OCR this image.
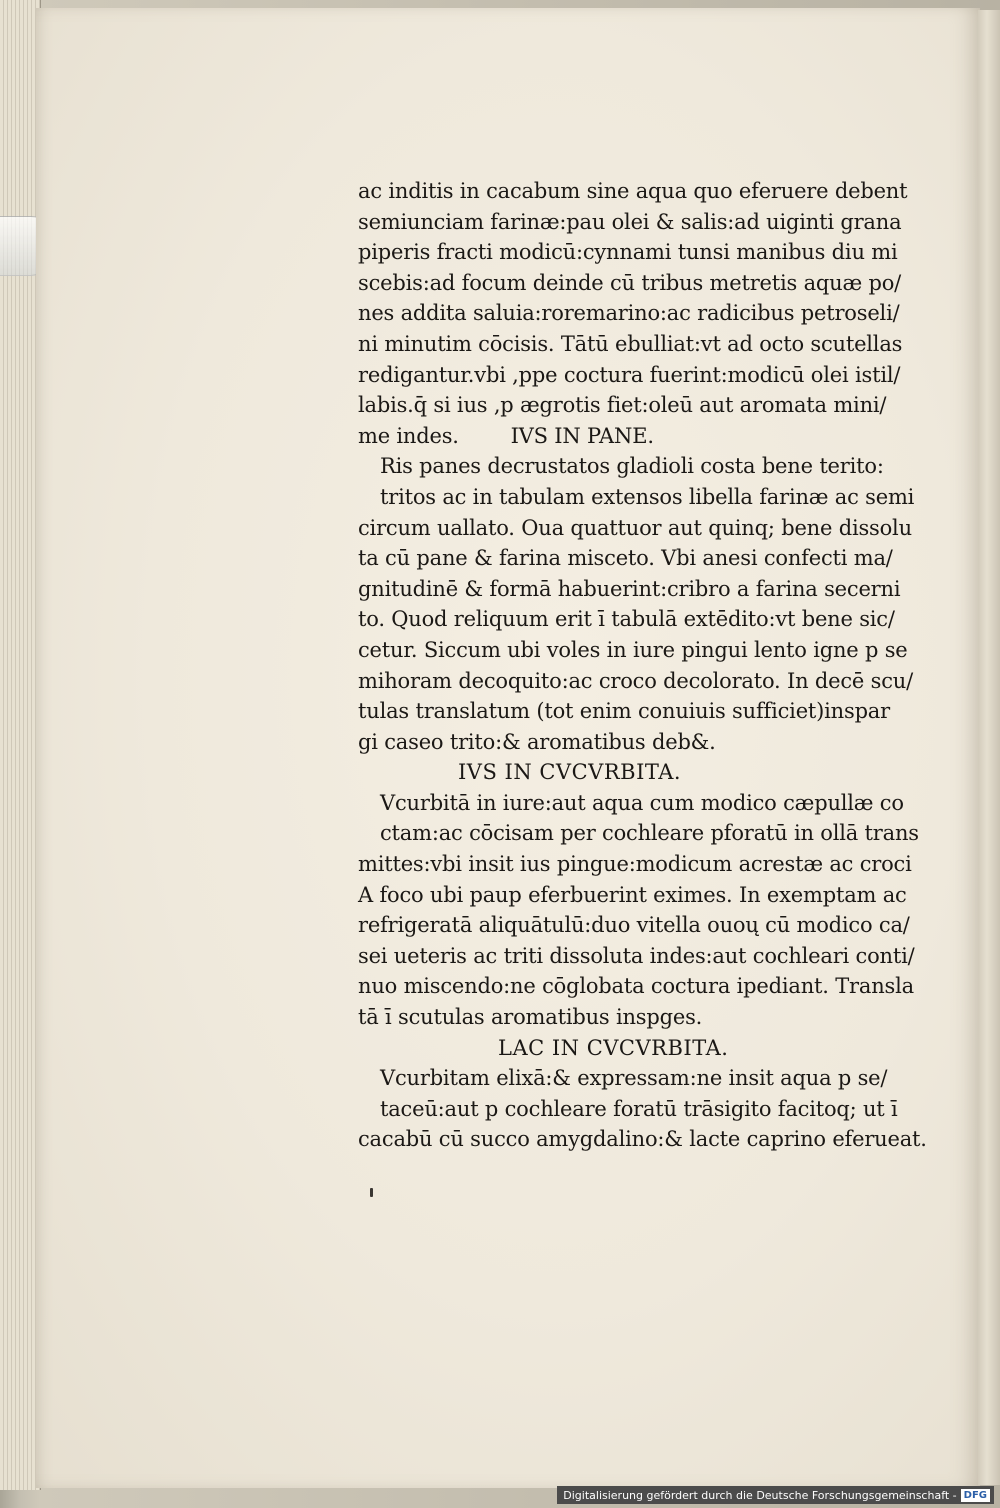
ac inditis in cacabum sine aqua quo eferuere debent
semiunciam farinæ:pau olei & salis:ad uiginti grana
piperis fracti modicū:cynnami tunsi manibus diu mi
scebis:ad focum deinde cū tribus metretis aquæ po/
nes addita saluia:roremarino:ac radicibus petroseli/
ni minutim cōcisis. Tātū ebulliat:vt ad octo scutellas
redigantur.vbi ,ppe coctura fuerint:modicū olei istil/
labis.q̄ si ius ,p ægrotis fiet:oleū aut aromata mini/
me indes.        IVS IN PANE.
Ris panes decrustatos gladioli costa bene terito:
tritos ac in tabulam extensos libella farinæ ac semi
circum uallato. Oua quattuor aut quinq; bene dissolu
ta cū pane & farina misceto. Vbi anesi confecti ma/
gnitudinē & formā habuerint:cribro a farina secerni
to. Quod reliquum erit ī tabulā extēdito:vt bene sic/
cetur. Siccum ubi voles in iure pingui lento igne p se
mihoram decoquito:ac croco decolorato. In decē scu/
tulas translatum (tot enim conuiuis sufficiet)inspar
gi caseo trito:& aromatibus deb&.
IVS IN CVCVRBITA.
Vcurbitā in iure:aut aqua cum modico cæpullæ co
ctam:ac cōcisam per cochleare pforatū in ollā trans
mittes:vbi insit ius pingue:modicum acrestæ ac croci
A foco ubi paup eferbuerint eximes. In exemptam ac
refrigeratā aliquātulū:duo vitella ouoų cū modico ca/
sei ueteris ac triti dissoluta indes:aut cochleari conti/
nuo miscendo:ne cōglobata coctura ipediant. Transla
tā ī scutulas aromatibus inspges.
LAC IN CVCVRBITA.
Vcurbitam elixā:& expressam:ne insit aqua p se/
taceū:aut p cochleare foratū trāsigito facitoq; ut ī
cacabū cū succo amygdalino:& lacte caprino eferueat.
Digitalisierung gefördert durch die Deutsche Forschungsgemeinschaft - DFG
